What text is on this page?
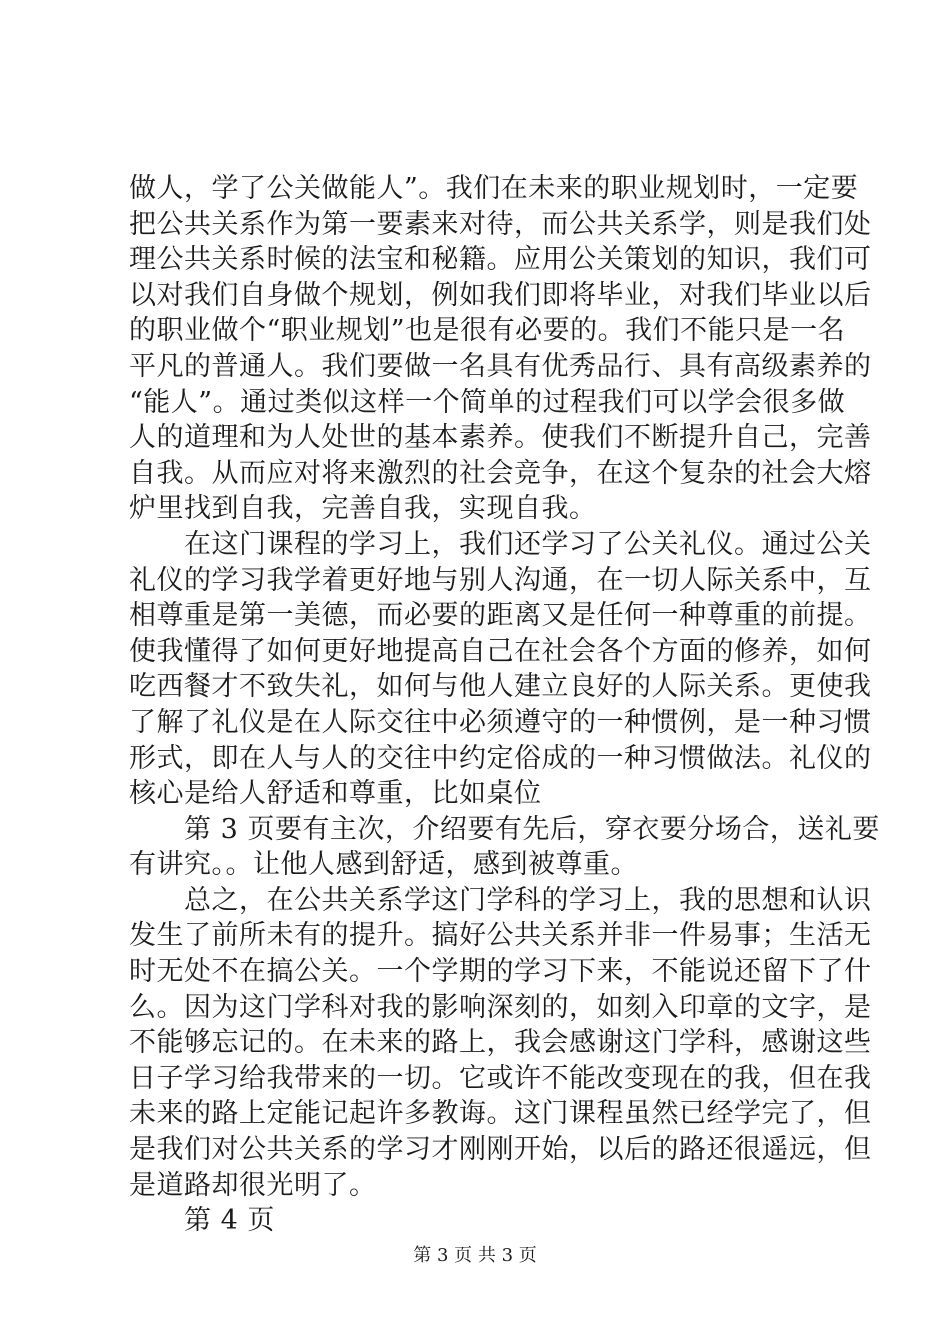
做人，学了公关做能人”。我们在未来的职业规划时，一定要
把公共关系作为第一要素来对待，而公共关系学，则是我们处
理公共关系时候的法宝和秘籍。应用公关策划的知识，我们可
以对我们自身做个规划，例如我们即将毕业，对我们毕业以后
的职业做个“职业规划”也是很有必要的。我们不能只是一名
平凡的普通人。我们要做一名具有优秀品行、具有高级素养的
“能人”。通过类似这样一个简单的过程我们可以学会很多做
人的道理和为人处世的基本素养。使我们不断提升自己，完善
自我。从而应对将来激烈的社会竞争，在这个复杂的社会大熔
炉里找到自我，完善自我，实现自我。
　　在这门课程的学习上，我们还学习了公关礼仪。通过公关
礼仪的学习我学着更好地与别人沟通，在一切人际关系中，互
相尊重是第一美德，而必要的距离又是任何一种尊重的前提。
使我懂得了如何更好地提高自己在社会各个方面的修养，如何
吃西餐才不致失礼，如何与他人建立良好的人际关系。更使我
了解了礼仪是在人际交往中必须遵守的一种惯例，是一种习惯
形式，即在人与人的交往中约定俗成的一种习惯做法。礼仪的
核心是给人舒适和尊重，比如桌位
　　第 3 页要有主次，介绍要有先后，穿衣要分场合，送礼要
有讲究。。让他人感到舒适，感到被尊重。
　　总之，在公共关系学这门学科的学习上，我的思想和认识
发生了前所未有的提升。搞好公共关系并非一件易事；生活无
时无处不在搞公关。一个学期的学习下来，不能说还留下了什
么。因为这门学科对我的影响深刻的，如刻入印章的文字，是
不能够忘记的。在未来的路上，我会感谢这门学科，感谢这些
日子学习给我带来的一切。它或许不能改变现在的我，但在我
未来的路上定能记起许多教诲。这门课程虽然已经学完了，但
是我们对公共关系的学习才刚刚开始，以后的路还很遥远，但
是道路却很光明了。
　　第 4 页
第 3 页 共 3 页
